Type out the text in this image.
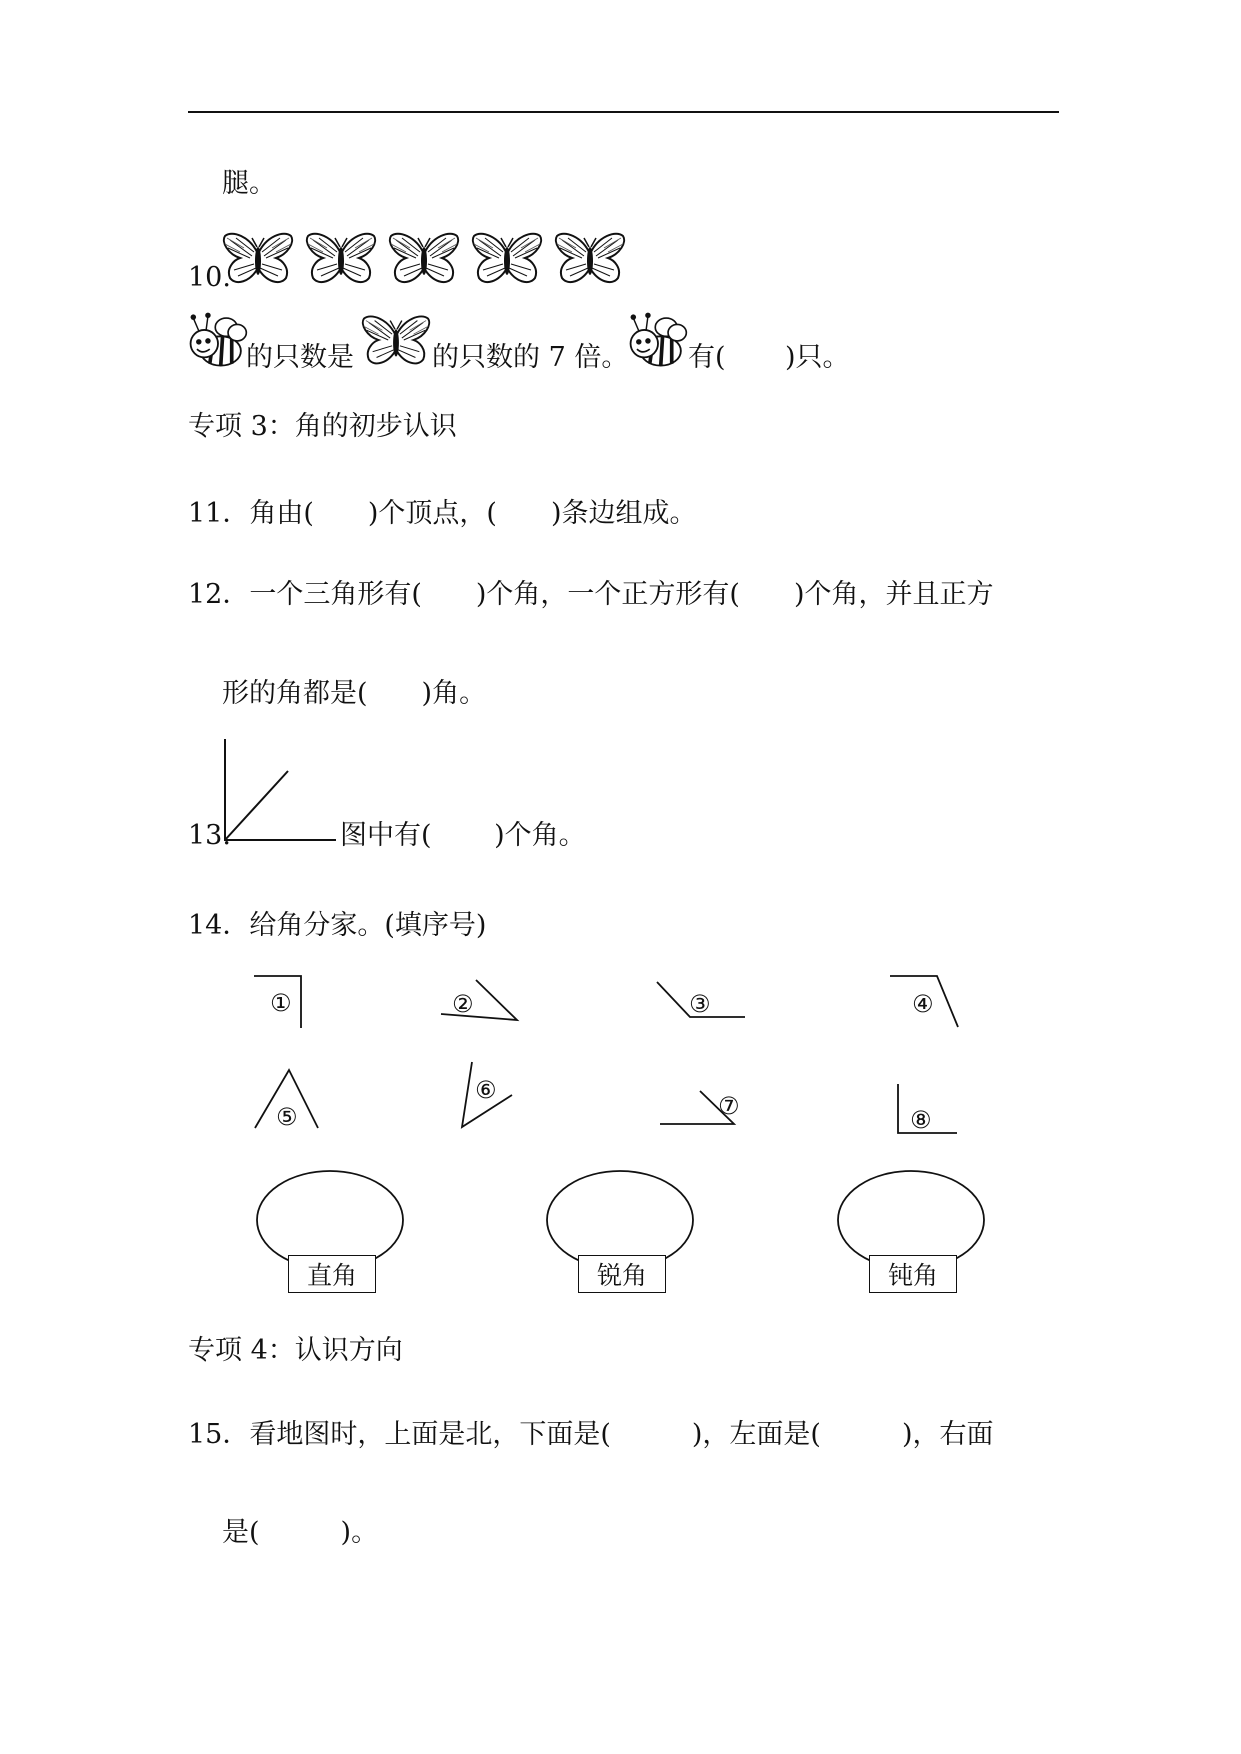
腿。
10.
的只数是	的只数的 7 倍。 有( )只。
专项 3：角的初步认识
11．角由(　　)个顶点，(　　)条边组成。
12．一个三角形有(　　)个角，一个正方形有(　　)个角，并且正方
形的角都是(　　)角。
13.	图中有(　　 )个角。
14．给角分家。(填序号)
①	②	③	④
⑤
⑥
⑦	⑧
直角	锐角	钝角
专项 4：认识方向
15．看地图时，上面是北，下面是(　　　)，左面是(　　　)，右面
是(　　　)。
